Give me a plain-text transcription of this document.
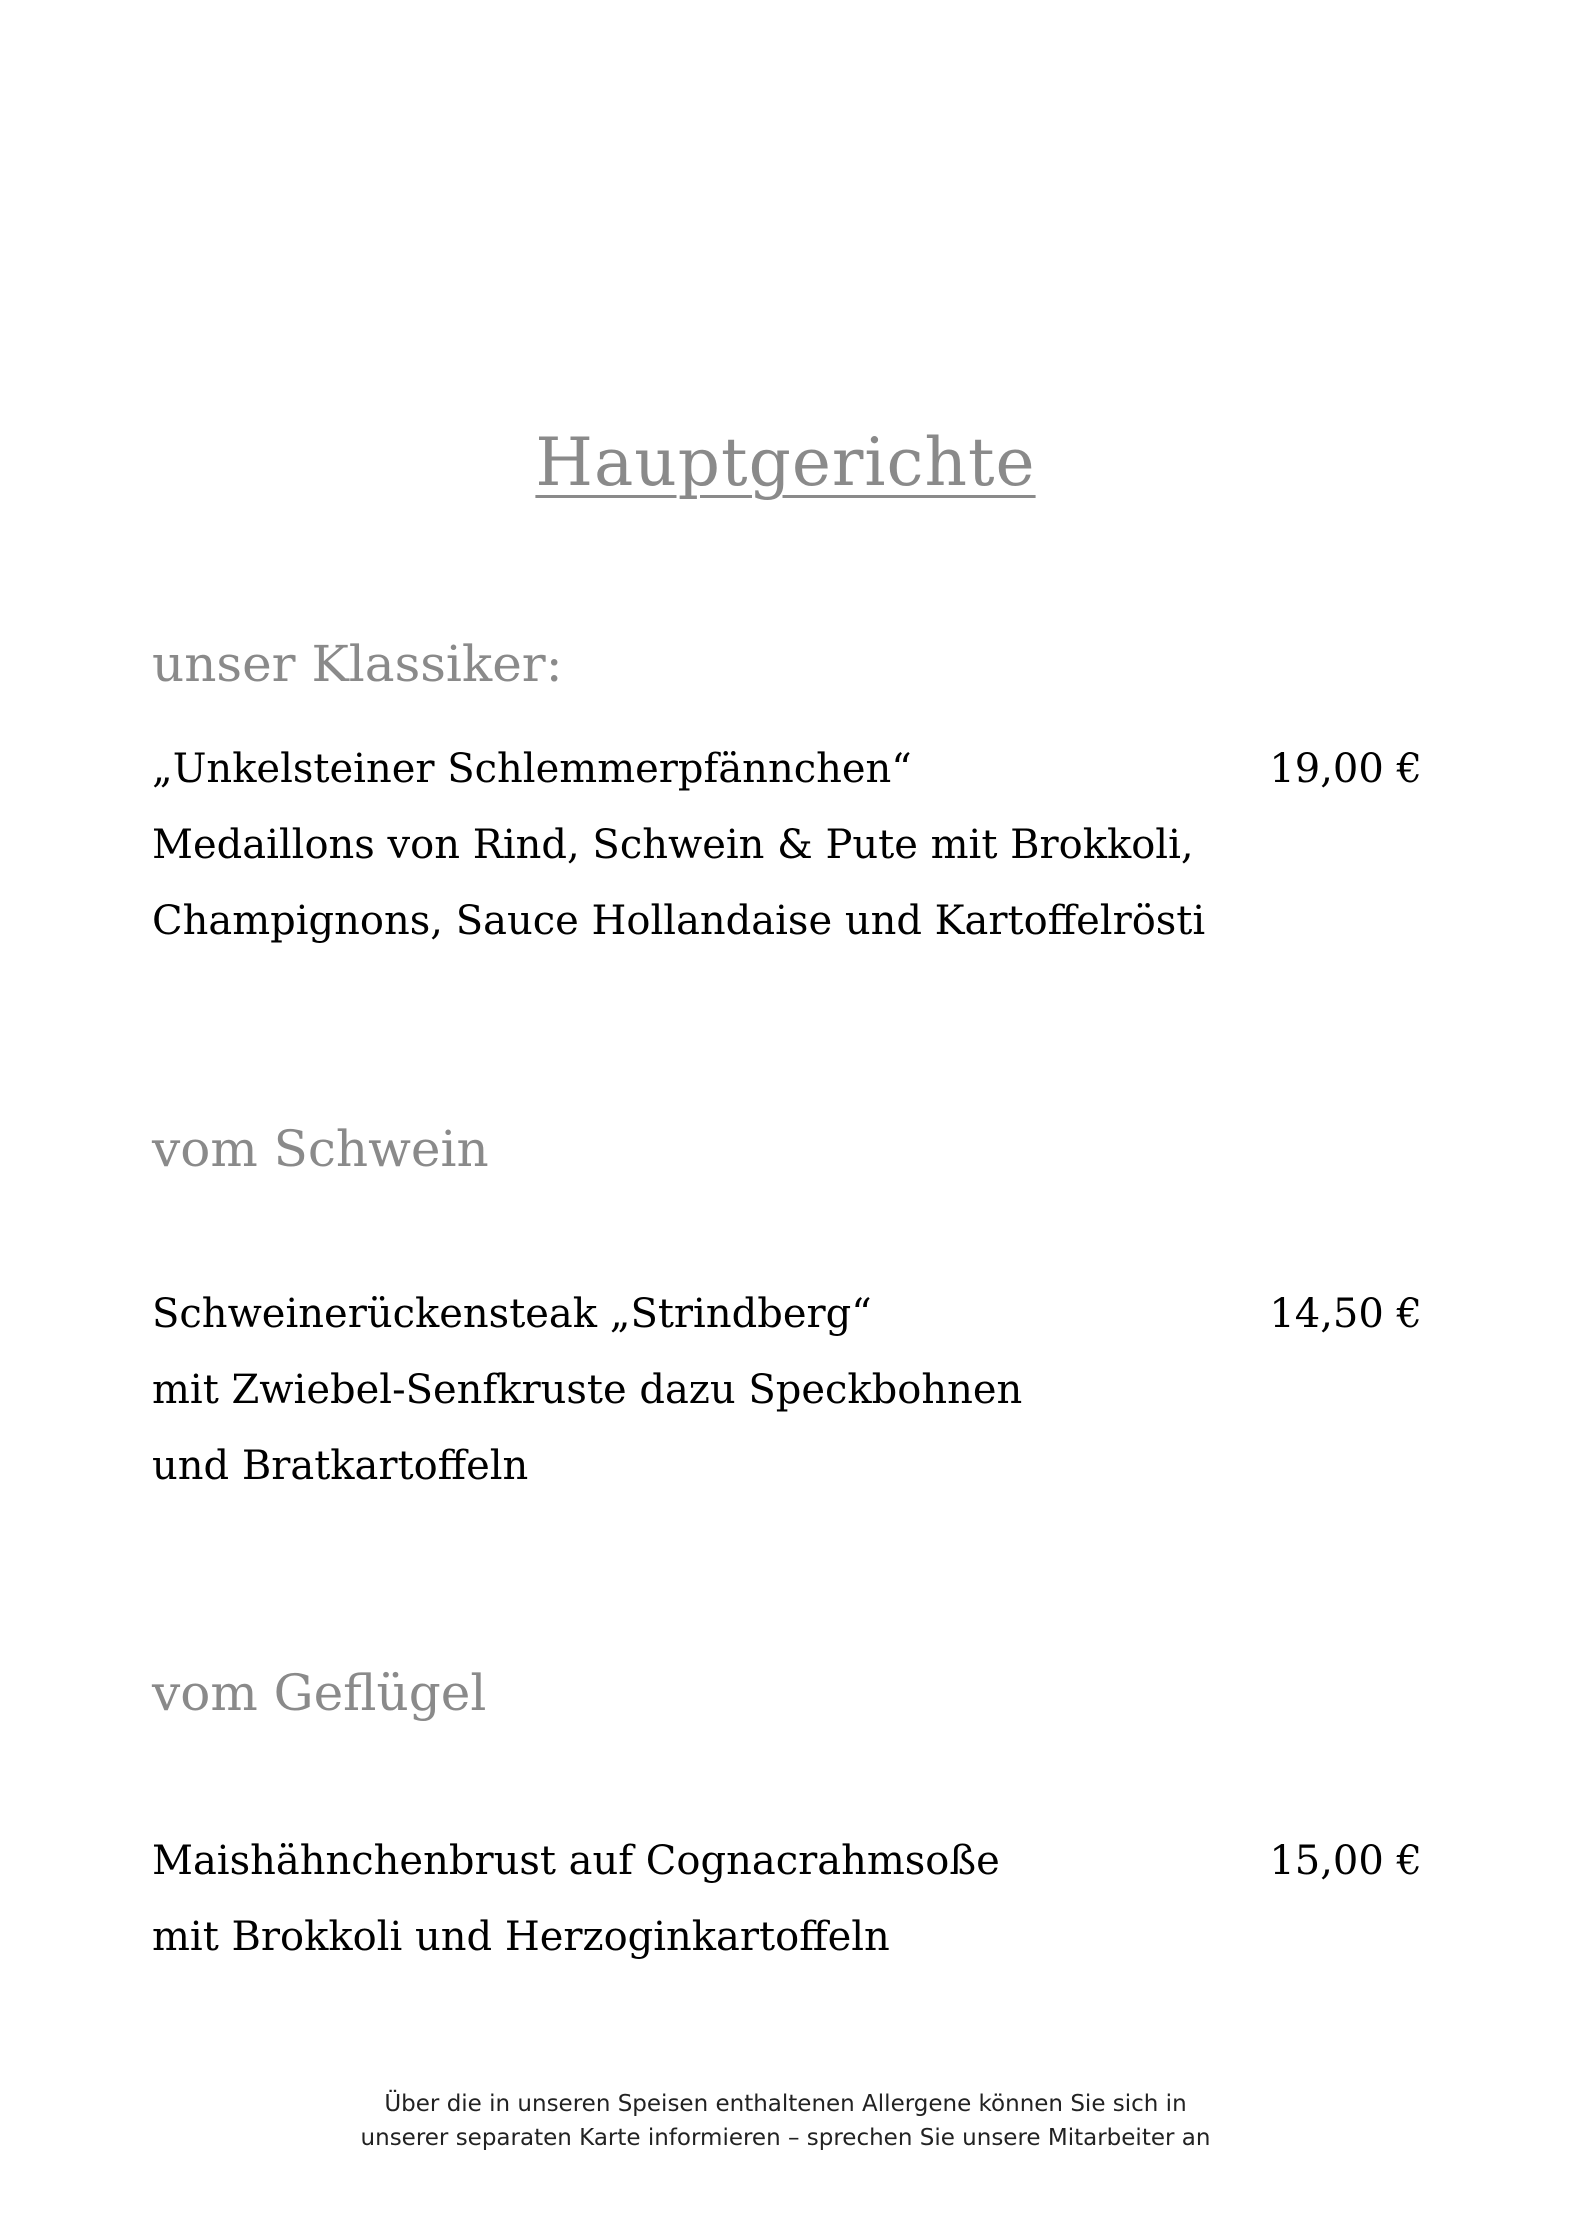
Hauptgerichte
unser Klassiker:
„Unkelsteiner Schlemmerpfännchen“	19,00 €
Medaillons von Rind, Schwein & Pute mit Brokkoli,
Champignons, Sauce Hollandaise und Kartoffelrösti
vom Schwein
Schweinerückensteak „Strindberg“	14,50 €
mit Zwiebel-Senfkruste dazu Speckbohnen
und Bratkartoffeln
vom Geflügel
Maishähnchenbrust auf Cognacrahmsoße	15,00 €
mit Brokkoli und Herzoginkartoffeln
Über die in unseren Speisen enthaltenen Allergene können Sie sich in
unserer separaten Karte informieren – sprechen Sie unsere Mitarbeiter an
